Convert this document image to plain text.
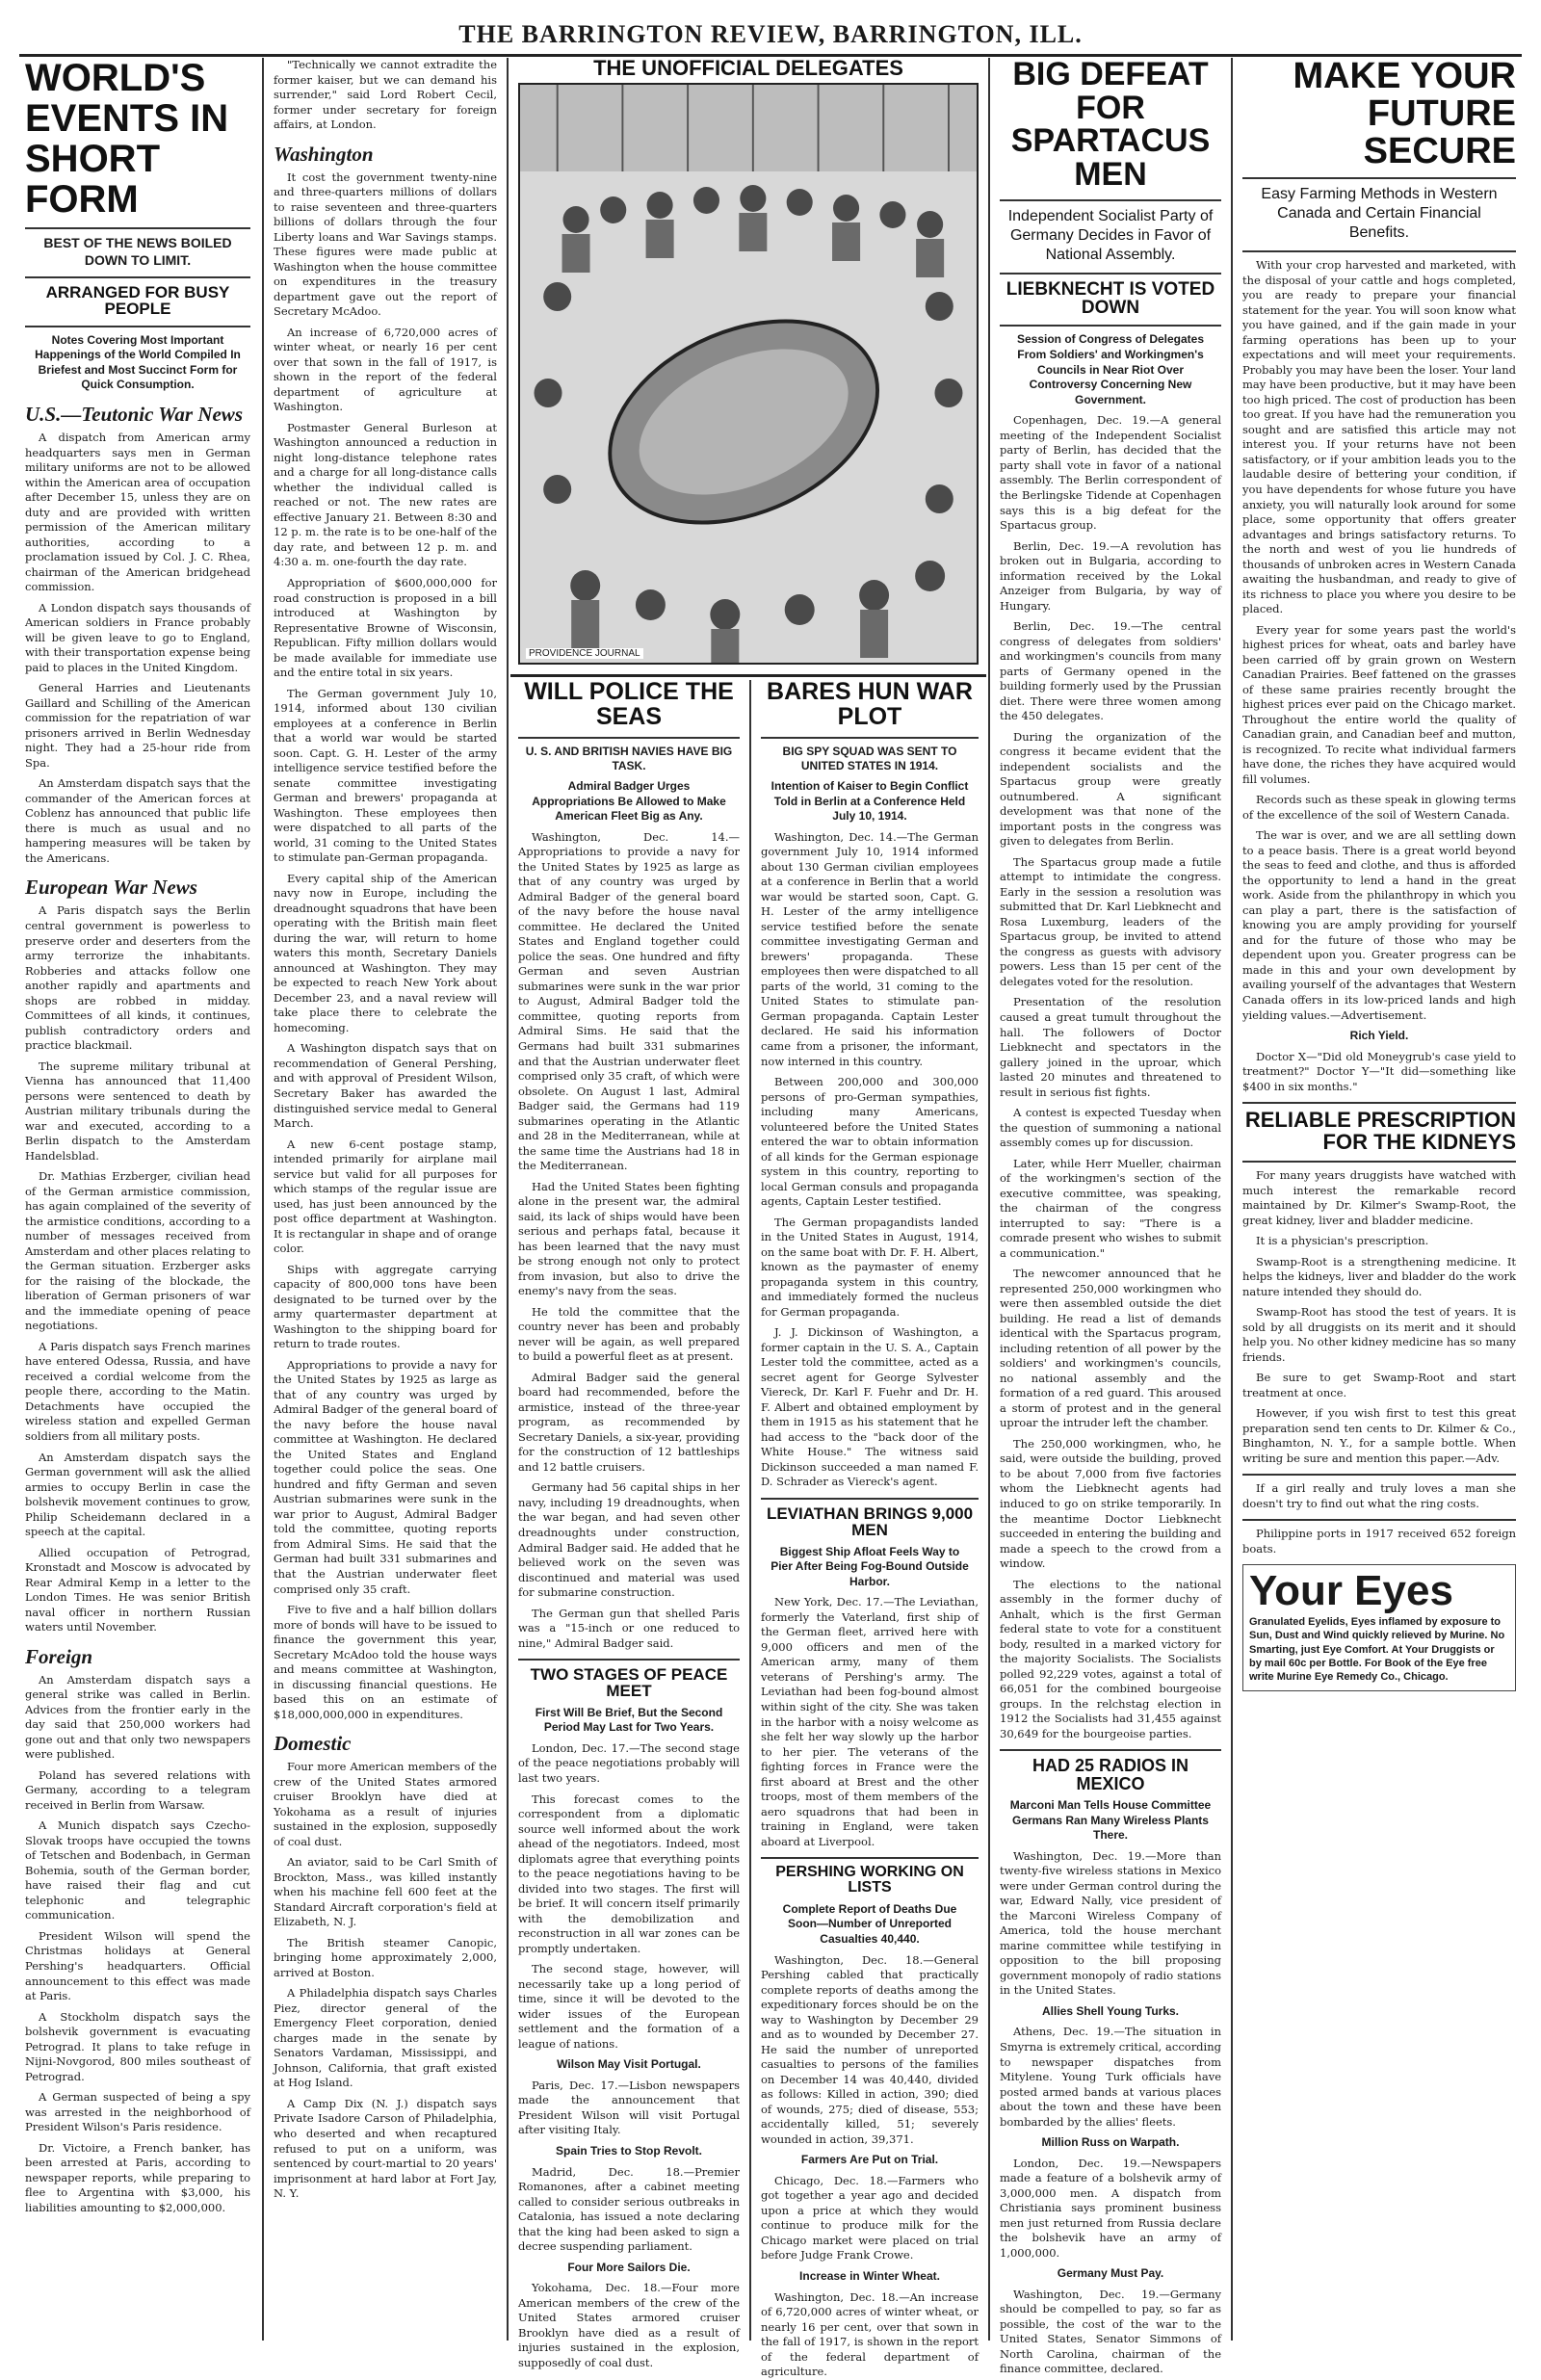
THE BARRINGTON REVIEW, BARRINGTON, ILL.
WORLD'S EVENTS IN SHORT FORM
BEST OF THE NEWS BOILED DOWN TO LIMIT.
ARRANGED FOR BUSY PEOPLE
Notes Covering Most Important Happenings of the World Compiled In Briefest and Most Succinct Form for Quick Consumption.
U.S.—Teutonic War News

A dispatch from American army headquarters says men in German military uniforms are not to be allowed within the American area of occupation after December 15, unless they are on duty and are provided with written permission of the American military authorities, according to a proclamation issued by Col. J. C. Rhea, chairman of the American bridgehead commission.

A London dispatch says thousands of American soldiers in France probably will be given leave to go to England, with their transportation expense being paid to places in the United Kingdom.

General Harries and Lieutenants Gaillard and Schilling of the American commission for the repatriation of war prisoners arrived in Berlin Wednesday night. They had a 25-hour ride from Spa.

An Amsterdam dispatch says that the commander of the American forces at Coblenz has announced that public life there is much as usual and no hampering measures will be taken by the Americans.

European War News

A Paris dispatch says the Berlin central government is powerless to preserve order and deserters from the army terrorize the inhabitants. Robberies and attacks follow one another rapidly and apartments and shops are robbed in midday. Committees of all kinds, it continues, publish contradictory orders and practice blackmail.

The supreme military tribunal at Vienna has announced that 11,400 persons were sentenced to death by Austrian military tribunals during the war and executed, according to a Berlin dispatch to the Amsterdam Handelsblad.

Dr. Mathias Erzberger, civilian head of the German armistice commission, has again complained of the severity of the armistice conditions, according to a number of messages received from Amsterdam and other places relating to the German situation. Erzberger asks for the raising of the blockade, the liberation of German prisoners of war and the immediate opening of peace negotiations.

A Paris dispatch says French marines have entered Odessa, Russia, and have received a cordial welcome from the people there, according to the Matin. Detachments have occupied the wireless station and expelled German soldiers from all military posts.

An Amsterdam dispatch says the German government will ask the allied armies to occupy Berlin in case the bolshevik movement continues to grow, Philip Scheidemann declared in a speech at the capital.

Allied occupation of Petrograd, Kronstadt and Moscow is advocated by Rear Admiral Kemp in a letter to the London Times. He was senior British naval officer in northern Russian waters until November.

Foreign

An Amsterdam dispatch says a general strike was called in Berlin. Advices from the frontier early in the day said that 250,000 workers had gone out and that only two newspapers were published.

Poland has severed relations with Germany, according to a telegram received in Berlin from Warsaw.

A Munich dispatch says Czecho-Slovak troops have occupied the towns of Tetschen and Bodenbach, in German Bohemia, south of the German border, have raised their flag and cut telephonic and telegraphic communication.

President Wilson will spend the Christmas holidays at General Pershing's headquarters. Official announcement to this effect was made at Paris.

A Stockholm dispatch says the bolshevik government is evacuating Petrograd. It plans to take refuge in Nijni-Novgorod, 800 miles southeast of Petrograd.

A German suspected of being a spy was arrested in the neighborhood of President Wilson's Paris residence.

Dr. Victoire, a French banker, has been arrested at Paris, according to newspaper reports, while preparing to flee to Argentina with $3,000, his liabilities amounting to $2,000,000.

"Technically we cannot extradite the former kaiser, but we can demand his surrender," said Lord Robert Cecil, former under secretary for foreign affairs, at London.

Washington

It cost the government twenty-nine and three-quarters millions of dollars to raise seventeen and three-quarters billions of dollars through the four Liberty loans and War Savings stamps. These figures were made public at Washington when the house committee on expenditures in the treasury department gave out the report of Secretary McAdoo.

An increase of 6,720,000 acres of winter wheat, or nearly 16 per cent over that sown in the fall of 1917, is shown in the report of the federal department of agriculture at Washington.

Postmaster General Burleson at Washington announced a reduction in night long-distance telephone rates and a charge for all long-distance calls whether the individual called is reached or not. The new rates are effective January 21. Between 8:30 and 12 p. m. the rate is to be one-half of the day rate, and between 12 p. m. and 4:30 a. m. one-fourth the day rate.

Appropriation of $600,000,000 for road construction is proposed in a bill introduced at Washington by Representative Browne of Wisconsin, Republican. Fifty million dollars would be made available for immediate use and the entire total in six years.

The German government July 10, 1914, informed about 130 civilian employees at a conference in Berlin that a world war would be started soon. Capt. G. H. Lester of the army intelligence service testified before the senate committee investigating German and brewers' propaganda at Washington. These employees then were dispatched to all parts of the world, 31 coming to the United States to stimulate pan-German propaganda.

Every capital ship of the American navy now in Europe, including the dreadnought squadrons that have been operating with the British main fleet during the war, will return to home waters this month, Secretary Daniels announced at Washington. They may be expected to reach New York about December 23, and a naval review will take place there to celebrate the homecoming.

A Washington dispatch says that on recommendation of General Pershing, and with approval of President Wilson, Secretary Baker has awarded the distinguished service medal to General March.

A new 6-cent postage stamp, intended primarily for airplane mail service but valid for all purposes for which stamps of the regular issue are used, has just been announced by the post office department at Washington. It is rectangular in shape and of orange color.

Ships with aggregate carrying capacity of 800,000 tons have been designated to be turned over by the army quartermaster department at Washington to the shipping board for return to trade routes.

Appropriations to provide a navy for the United States by 1925 as large as that of any country was urged by Admiral Badger of the general board of the navy before the house naval committee at Washington. He declared the United States and England together could police the seas. One hundred and fifty German and seven Austrian submarines were sunk in the war prior to August, Admiral Badger told the committee, quoting reports from Admiral Sims. He said that the German had built 331 submarines and that the Austrian underwater fleet comprised only 35 craft.

Five to five and a half billion dollars more of bonds will have to be issued to finance the government this year, Secretary McAdoo told the house ways and means committee at Washington, in discussing financial questions. He based this on an estimate of $18,000,000,000 in expenditures.

Domestic

Four more American members of the crew of the United States armored cruiser Brooklyn have died at Yokohama as a result of injuries sustained in the explosion, supposedly of coal dust.

An aviator, said to be Carl Smith of Brockton, Mass., was killed instantly when his machine fell 600 feet at the Standard Aircraft corporation's field at Elizabeth, N. J.

The British steamer Canopic, bringing home approximately 2,000, arrived at Boston.

A Philadelphia dispatch says Charles Piez, director general of the Emergency Fleet corporation, denied charges made in the senate by Senators Vardaman, Mississippi, and Johnson, California, that graft existed at Hog Island.

A Camp Dix (N. J.) dispatch says Private Isadore Carson of Philadelphia, who deserted and when recaptured refused to put on a uniform, was sentenced by court-martial to 20 years' imprisonment at hard labor at Fort Jay, N. Y.

THE UNOFFICIAL DELEGATES
PROVIDENCE JOURNAL
WILL POLICE THE SEAS
U. S. AND BRITISH NAVIES HAVE BIG TASK.
Admiral Badger Urges Appropriations Be Allowed to Make American Fleet Big as Any.

Washington, Dec. 14.—Appropriations to provide a navy for the United States by 1925 as large as that of any country was urged by Admiral Badger of the general board of the navy before the house naval committee. He declared the United States and England together could police the seas. One hundred and fifty German and seven Austrian submarines were sunk in the war prior to August, Admiral Badger told the committee, quoting reports from Admiral Sims. He said that the Germans had built 331 submarines and that the Austrian underwater fleet comprised only 35 craft, of which were obsolete. On August 1 last, Admiral Badger said, the Germans had 119 submarines operating in the Atlantic and 28 in the Mediterranean, while at the same time the Austrians had 18 in the Mediterranean.

Had the United States been fighting alone in the present war, the admiral said, its lack of ships would have been serious and perhaps fatal, because it has been learned that the navy must be strong enough not only to protect from invasion, but also to drive the enemy's navy from the seas.

He told the committee that the country never has been and probably never will be again, as well prepared to build a powerful fleet as at present.

Admiral Badger said the general board had recommended, before the armistice, instead of the three-year program, as recommended by Secretary Daniels, a six-year, providing for the construction of 12 battleships and 12 battle cruisers.

Germany had 56 capital ships in her navy, including 19 dreadnoughts, when the war began, and had seven other dreadnoughts under construction, Admiral Badger said. He added that he believed work on the seven was discontinued and material was used for submarine construction.

The German gun that shelled Paris was a "15-inch or one reduced to nine," Admiral Badger said.

TWO STAGES OF PEACE MEET
First Will Be Brief, But the Second Period May Last for Two Years.

London, Dec. 17.—The second stage of the peace negotiations probably will last two years.

This forecast comes to the correspondent from a diplomatic source well informed about the work ahead of the negotiators. Indeed, most diplomats agree that everything points to the peace negotiations having to be divided into two stages. The first will be brief. It will concern itself primarily with the demobilization and reconstruction in all war zones can be promptly undertaken.

The second stage, however, will necessarily take up a long period of time, since it will be devoted to the wider issues of the European settlement and the formation of a league of nations.

Wilson May Visit Portugal.

Paris, Dec. 17.—Lisbon newspapers made the announcement that President Wilson will visit Portugal after visiting Italy.

Spain Tries to Stop Revolt.

Madrid, Dec. 18.—Premier Romanones, after a cabinet meeting called to consider serious outbreaks in Catalonia, has issued a note declaring that the king had been asked to sign a decree suspending parliament.

Four More Sailors Die.

Yokohama, Dec. 18.—Four more American members of the crew of the United States armored cruiser Brooklyn have died as a result of injuries sustained in the explosion, supposedly of coal dust.

BARES HUN WAR PLOT
BIG SPY SQUAD WAS SENT TO UNITED STATES IN 1914.
Intention of Kaiser to Begin Conflict Told in Berlin at a Conference Held July 10, 1914.

Washington, Dec. 14.—The German government July 10, 1914 informed about 130 German civilian employees at a conference in Berlin that a world war would be started soon, Capt. G. H. Lester of the army intelligence service testified before the senate committee investigating German and brewers' propaganda. These employees then were dispatched to all parts of the world, 31 coming to the United States to stimulate pan-German propaganda. Captain Lester declared. He said his information came from a prisoner, the informant, now interned in this country.

Between 200,000 and 300,000 persons of pro-German sympathies, including many Americans, volunteered before the United States entered the war to obtain information of all kinds for the German espionage system in this country, reporting to local German consuls and propaganda agents, Captain Lester testified.

The German propagandists landed in the United States in August, 1914, on the same boat with Dr. F. H. Albert, known as the paymaster of enemy propaganda system in this country, and immediately formed the nucleus for German propaganda.

J. J. Dickinson of Washington, a former captain in the U. S. A., Captain Lester told the committee, acted as a secret agent for George Sylvester Viereck, Dr. Karl F. Fuehr and Dr. H. F. Albert and obtained employment by them in 1915 as his statement that he had access to the "back door of the White House." The witness said Dickinson succeeded a man named F. D. Schrader as Viereck's agent.

LEVIATHAN BRINGS 9,000 MEN
Biggest Ship Afloat Feels Way to Pier After Being Fog-Bound Outside Harbor.

New York, Dec. 17.—The Leviathan, formerly the Vaterland, first ship of the German fleet, arrived here with 9,000 officers and men of the American army, many of them veterans of Pershing's army. The Leviathan had been fog-bound almost within sight of the city. She was taken in the harbor with a noisy welcome as she felt her way slowly up the harbor to her pier. The veterans of the fighting forces in France were the first aboard at Brest and the other troops, most of them members of the aero squadrons that had been in training in England, were taken aboard at Liverpool.

PERSHING WORKING ON LISTS
Complete Report of Deaths Due Soon—Number of Unreported Casualties 40,440.

Washington, Dec. 18.—General Pershing cabled that practically complete reports of deaths among the expeditionary forces should be on the way to Washington by December 29 and as to wounded by December 27. He said the number of unreported casualties to persons of the families on December 14 was 40,440, divided as follows: Killed in action, 390; died of wounds, 275; died of disease, 553; accidentally killed, 51; severely wounded in action, 39,371.

Farmers Are Put on Trial.

Chicago, Dec. 18.—Farmers who got together a year ago and decided upon a price at which they would continue to produce milk for the Chicago market were placed on trial before Judge Frank Crowe.

Increase in Winter Wheat.

Washington, Dec. 18.—An increase of 6,720,000 acres of winter wheat, or nearly 16 per cent, over that sown in the fall of 1917, is shown in the report of the federal department of agriculture.

BIG DEFEAT FOR SPARTACUS MEN
Independent Socialist Party of Germany Decides in Favor of National Assembly.
LIEBKNECHT IS VOTED DOWN
Session of Congress of Delegates From Soldiers' and Workingmen's Councils in Near Riot Over Controversy Concerning New Government.

Copenhagen, Dec. 19.—A general meeting of the Independent Socialist party of Berlin, has decided that the party shall vote in favor of a national assembly. The Berlin correspondent of the Berlingske Tidende at Copenhagen says this is a big defeat for the Spartacus group.

Berlin, Dec. 19.—A revolution has broken out in Bulgaria, according to information received by the Lokal Anzeiger from Bulgaria, by way of Hungary.

Berlin, Dec. 19.—The central congress of delegates from soldiers' and workingmen's councils from many parts of Germany opened in the building formerly used by the Prussian diet. There were three women among the 450 delegates.

During the organization of the congress it became evident that the independent socialists and the Spartacus group were greatly outnumbered. A significant development was that none of the important posts in the congress was given to delegates from Berlin.

The Spartacus group made a futile attempt to intimidate the congress. Early in the session a resolution was submitted that Dr. Karl Liebknecht and Rosa Luxemburg, leaders of the Spartacus group, be invited to attend the congress as guests with advisory powers. Less than 15 per cent of the delegates voted for the resolution.

Presentation of the resolution caused a great tumult throughout the hall. The followers of Doctor Liebknecht and spectators in the gallery joined in the uproar, which lasted 20 minutes and threatened to result in serious fist fights.

A contest is expected Tuesday when the question of summoning a national assembly comes up for discussion.

Later, while Herr Mueller, chairman of the workingmen's section of the executive committee, was speaking, the chairman of the congress interrupted to say: "There is a comrade present who wishes to submit a communication."

The newcomer announced that he represented 250,000 workingmen who were then assembled outside the diet building. He read a list of demands identical with the Spartacus program, including retention of all power by the soldiers' and workingmen's councils, no national assembly and the formation of a red guard. This aroused a storm of protest and in the general uproar the intruder left the chamber.

The 250,000 workingmen, who, he said, were outside the building, proved to be about 7,000 from five factories whom the Liebknecht agents had induced to go on strike temporarily. In the meantime Doctor Liebknecht succeeded in entering the building and made a speech to the crowd from a window.

The elections to the national assembly in the former duchy of Anhalt, which is the first German federal state to vote for a constituent body, resulted in a marked victory for the majority Socialists. The Socialists polled 92,229 votes, against a total of 66,051 for the combined bourgeoise groups. In the relchstag election in 1912 the Socialists had 31,455 against 30,649 for the bourgeoise parties.

HAD 25 RADIOS IN MEXICO
Marconi Man Tells House Committee Germans Ran Many Wireless Plants There.

Washington, Dec. 19.—More than twenty-five wireless stations in Mexico were under German control during the war, Edward Nally, vice president of the Marconi Wireless Company of America, told the house merchant marine committee while testifying in opposition to the bill proposing government monopoly of radio stations in the United States.

Allies Shell Young Turks.

Athens, Dec. 19.—The situation in Smyrna is extremely critical, according to newspaper dispatches from Mitylene. Young Turk officials have posted armed bands at various places about the town and these have been bombarded by the allies' fleets.

Million Russ on Warpath.

London, Dec. 19.—Newspapers made a feature of a bolshevik army of 3,000,000 men. A dispatch from Christiania says prominent business men just returned from Russia declare the bolshevik have an army of 1,000,000.

Germany Must Pay.

Washington, Dec. 19.—Germany should be compelled to pay, so far as possible, the cost of the war to the United States, Senator Simmons of North Carolina, chairman of the finance committee, declared.

MAKE YOUR FUTURE SECURE
Easy Farming Methods in Western Canada and Certain Financial Benefits.

With your crop harvested and marketed, with the disposal of your cattle and hogs completed, you are ready to prepare your financial statement for the year. You will soon know what you have gained, and if the gain made in your farming operations has been up to your expectations and will meet your requirements. Probably you may have been the loser. Your land may have been productive, but it may have been too high priced. The cost of production has been too great. If you have had the remuneration you sought and are satisfied this article may not interest you. If your returns have not been satisfactory, or if your ambition leads you to the laudable desire of bettering your condition, if you have dependents for whose future you have anxiety, you will naturally look around for some place, some opportunity that offers greater advantages and brings satisfactory returns. To the north and west of you lie hundreds of thousands of unbroken acres in Western Canada awaiting the husbandman, and ready to give of its richness to place you where you desire to be placed.

Every year for some years past the world's highest prices for wheat, oats and barley have been carried off by grain grown on Western Canadian Prairies. Beef fattened on the grasses of these same prairies recently brought the highest prices ever paid on the Chicago market. Throughout the entire world the quality of Canadian grain, and Canadian beef and mutton, is recognized. To recite what individual farmers have done, the riches they have acquired would fill volumes.

Records such as these speak in glowing terms of the excellence of the soil of Western Canada.

The war is over, and we are all settling down to a peace basis. There is a great world beyond the seas to feed and clothe, and thus is afforded the opportunity to lend a hand in the great work. Aside from the philanthropy in which you can play a part, there is the satisfaction of knowing you are amply providing for yourself and for the future of those who may be dependent upon you. Greater progress can be made in this and your own development by availing yourself of the advantages that Western Canada offers in its low-priced lands and high yielding values.—Advertisement.

Rich Yield.

Doctor X—"Did old Moneygrub's case yield to treatment?" Doctor Y—"It did—something like $400 in six months."

RELIABLE PRESCRIPTION FOR THE KIDNEYS

For many years druggists have watched with much interest the remarkable record maintained by Dr. Kilmer's Swamp-Root, the great kidney, liver and bladder medicine.

It is a physician's prescription.

Swamp-Root is a strengthening medicine. It helps the kidneys, liver and bladder do the work nature intended they should do.

Swamp-Root has stood the test of years. It is sold by all druggists on its merit and it should help you. No other kidney medicine has so many friends.

Be sure to get Swamp-Root and start treatment at once.

However, if you wish first to test this great preparation send ten cents to Dr. Kilmer & Co., Binghamton, N. Y., for a sample bottle. When writing be sure and mention this paper.—Adv.

If a girl really and truly loves a man she doesn't try to find out what the ring costs.

Philippine ports in 1917 received 652 foreign boats.

Your Eyes
Granulated Eyelids, Eyes inflamed by exposure to Sun, Dust and Wind quickly relieved by Murine. No Smarting, just Eye Comfort. At Your Druggists or by mail 60c per Bottle. For Book of the Eye free write Murine Eye Remedy Co., Chicago.
